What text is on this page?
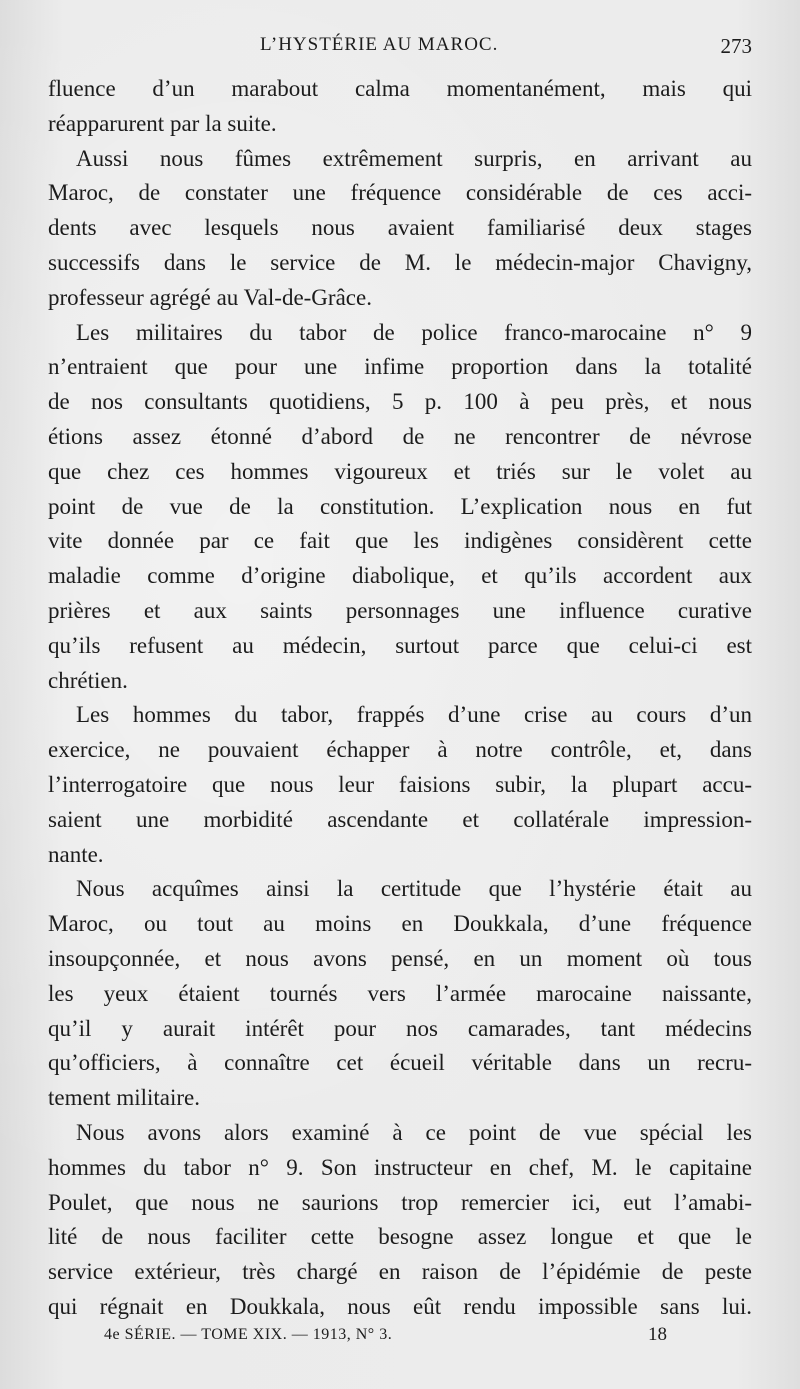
L’HYSTÉRIE AU MAROC.	273
fluence d’un marabout calma momentanément, mais qui
réapparurent par la suite.
Aussi nous fûmes extrêmement surpris, en arrivant au
Maroc, de constater une fréquence considérable de ces acci-
dents avec lesquels nous avaient familiarisé deux stages
successifs dans le service de M. le médecin-major Chavigny,
professeur agrégé au Val-de-Grâce.
Les militaires du tabor de police franco-marocaine n° 9
n’entraient que pour une infime proportion dans la totalité
de nos consultants quotidiens, 5 p. 100 à peu près, et nous
étions assez étonné d’abord de ne rencontrer de névrose
que chez ces hommes vigoureux et triés sur le volet au
point de vue de la constitution. L’explication nous en fut
vite donnée par ce fait que les indigènes considèrent cette
maladie comme d’origine diabolique, et qu’ils accordent aux
prières et aux saints personnages une influence curative
qu’ils refusent au médecin, surtout parce que celui-ci est
chrétien.
Les hommes du tabor, frappés d’une crise au cours d’un
exercice, ne pouvaient échapper à notre contrôle, et, dans
l’interrogatoire que nous leur faisions subir, la plupart accu-
saient une morbidité ascendante et collatérale impression-
nante.
Nous acquîmes ainsi la certitude que l’hystérie était au
Maroc, ou tout au moins en Doukkala, d’une fréquence
insoupçonnée, et nous avons pensé, en un moment où tous
les yeux étaient tournés vers l’armée marocaine naissante,
qu’il y aurait intérêt pour nos camarades, tant médecins
qu’officiers, à connaître cet écueil véritable dans un recru-
tement militaire.
Nous avons alors examiné à ce point de vue spécial les
hommes du tabor n° 9. Son instructeur en chef, M. le capitaine
Poulet, que nous ne saurions trop remercier ici, eut l’amabi-
lité de nous faciliter cette besogne assez longue et que le
service extérieur, très chargé en raison de l’épidémie de peste
qui régnait en Doukkala, nous eût rendu impossible sans lui.
4e SÉRIE. — TOME XIX. — 1913, N° 3.	18
